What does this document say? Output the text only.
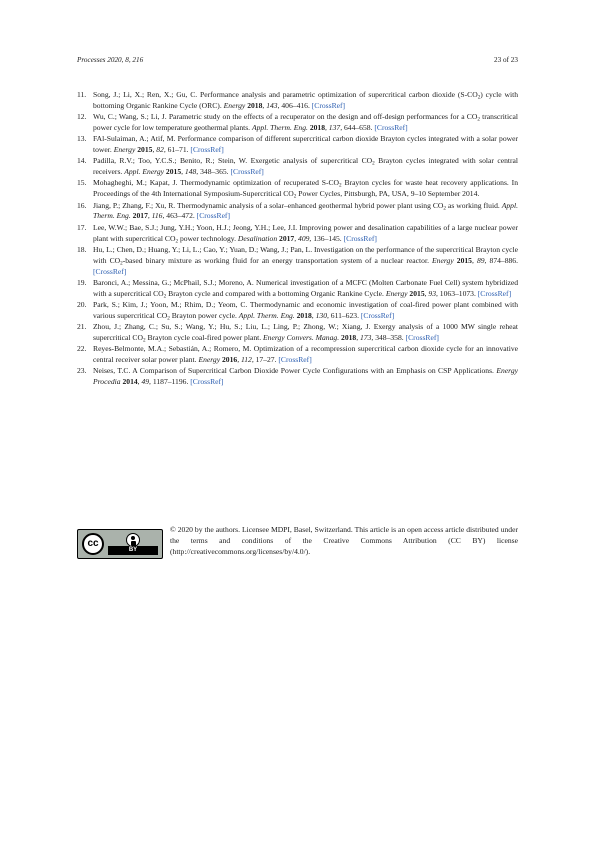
Processes 2020, 8, 216	23 of 23
11. Song, J.; Li, X.; Ren, X.; Gu, C. Performance analysis and parametric optimization of supercritical carbon dioxide $(S-CO_2)$ cycle with bottoming Organic Rankine Cycle (ORC). Energy 2018, 143, 406–416. [CrossRef]
12. Wu, C.; Wang, S.; Li, J. Parametric study on the effects of a recuperator on the design and off-design performances for a $CO_2$ transcritical power cycle for low temperature geothermal plants. Appl. Therm. Eng. 2018, 137, 644–658. [CrossRef]
13. FAl-Sulaiman, A.; Atif, M. Performance comparison of different supercritical carbon dioxide Brayton cycles integrated with a solar power tower. Energy 2015, 82, 61–71. [CrossRef]
14. Padilla, R.V.; Too, Y.C.S.; Benito, R.; Stein, W. Exergetic analysis of supercritical $CO_2$ Brayton cycles integrated with solar central receivers. Appl. Energy 2015, 148, 348–365. [CrossRef]
15. Mohagheghi, M.; Kapat, J. Thermodynamic optimization of recuperated $S-CO_2$ Brayton cycles for waste heat recovery applications. In Proceedings of the 4th International Symposium-Supercritical $CO_2$ Power Cycles, Pittsburgh, PA, USA, 9–10 September 2014.
16. Jiang, P.; Zhang, F.; Xu, R. Thermodynamic analysis of a solar–enhanced geothermal hybrid power plant using $CO_2$ as working fluid. Appl. Therm. Eng. 2017, 116, 463–472. [CrossRef]
17. Lee, W.W.; Bae, S.J.; Jung, Y.H.; Yoon, H.J.; Jeong, Y.H.; Lee, J.I. Improving power and desalination capabilities of a large nuclear power plant with supercritical $CO_2$ power technology. Desalination 2017, 409, 136–145. [CrossRef]
18. Hu, L.; Chen, D.; Huang, Y.; Li, L.; Cao, Y.; Yuan, D.; Wang, J.; Pan, L. Investigation on the performance of the supercritical Brayton cycle with $CO_2$-based binary mixture as working fluid for an energy transportation system of a nuclear reactor. Energy 2015, 89, 874–886. [CrossRef]
19. Baronci, A.; Messina, G.; McPhail, S.J.; Moreno, A. Numerical investigation of a MCFC (Molten Carbonate Fuel Cell) system hybridized with a supercritical $CO_2$ Brayton cycle and compared with a bottoming Organic Rankine Cycle. Energy 2015, 93, 1063–1073. [CrossRef]
20. Park, S.; Kim, J.; Yoon, M.; Rhim, D.; Yeom, C. Thermodynamic and economic investigation of coal-fired power plant combined with various supercritical $CO_2$ Brayton power cycle. Appl. Therm. Eng. 2018, 130, 611–623. [CrossRef]
21. Zhou, J.; Zhang, C.; Su, S.; Wang, Y.; Hu, S.; Liu, L.; Ling, P.; Zhong, W.; Xiang, J. Exergy analysis of a 1000 MW single reheat supercritical $CO_2$ Brayton cycle coal-fired power plant. Energy Convers. Manag. 2018, 173, 348–358. [CrossRef]
22. Reyes-Belmonte, M.A.; Sebastián, A.; Romero, M. Optimization of a recompression supercritical carbon dioxide cycle for an innovative central receiver solar power plant. Energy 2016, 112, 17–27. [CrossRef]
23. Neises, T.C. A Comparison of Supercritical Carbon Dioxide Power Cycle Configurations with an Emphasis on CSP Applications. Energy Procedia 2014, 49, 1187–1196. [CrossRef]
cc
BY
© 2020 by the authors. Licensee MDPI, Basel, Switzerland. This article is an open access article distributed under the terms and conditions of the Creative Commons Attribution (CC BY) license (http://creativecommons.org/licenses/by/4.0/).
